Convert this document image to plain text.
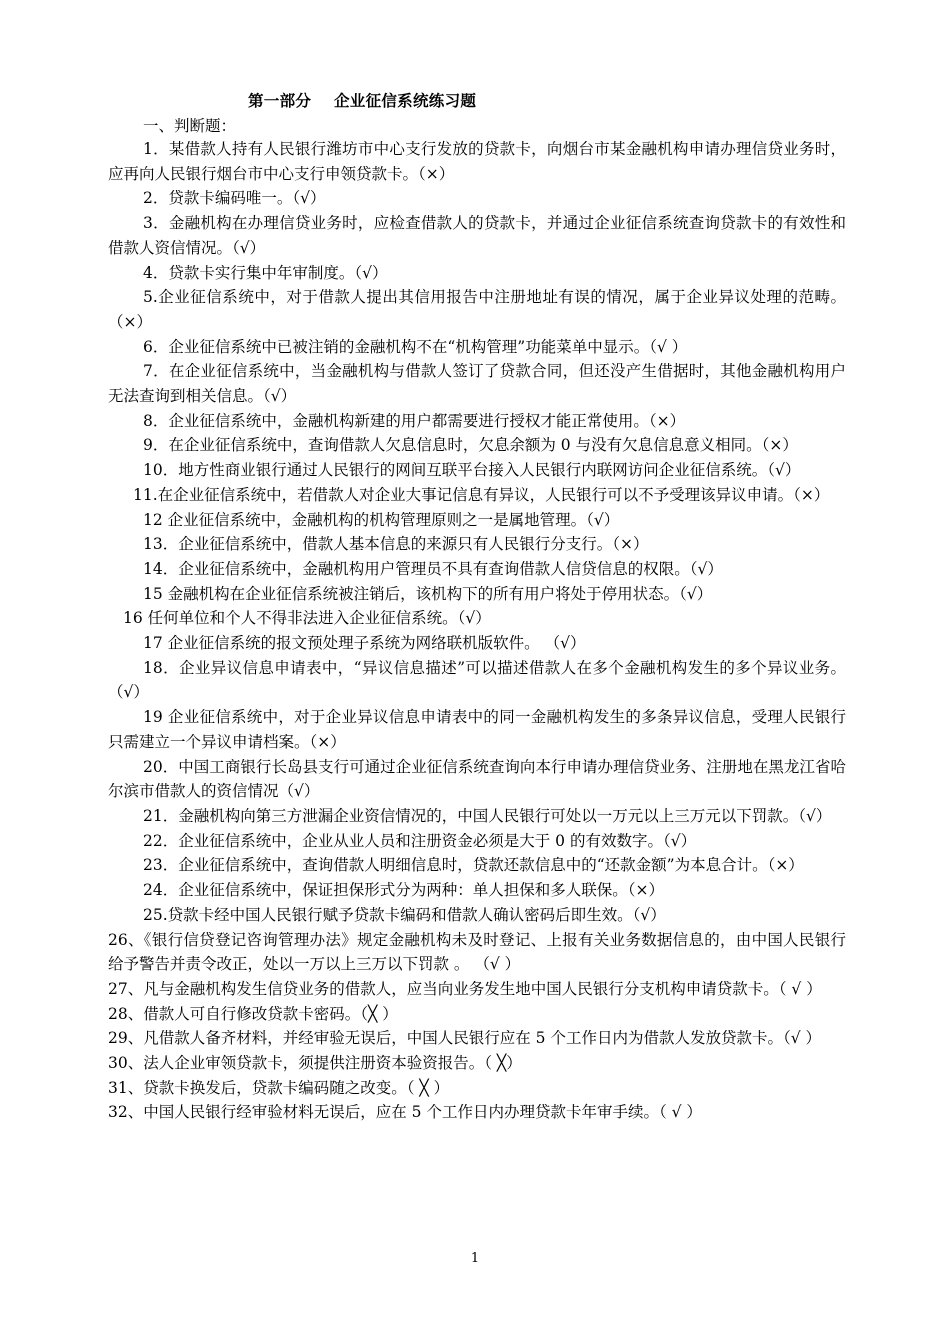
第一部分    企业征信系统练习题
一、判断题：

1．某借款人持有人民银行潍坊市中心支行发放的贷款卡，向烟台市某金融机构申请办理信贷业务时，应再向人民银行烟台市中心支行申领贷款卡。（×）

2．贷款卡编码唯一。（√）

3．金融机构在办理信贷业务时，应检查借款人的贷款卡，并通过企业征信系统查询贷款卡的有效性和借款人资信情况。（√）

4．贷款卡实行集中年审制度。（√）

5.企业征信系统中，对于借款人提出其信用报告中注册地址有误的情况，属于企业异议处理的范畴。（×）

6．企业征信系统中已被注销的金融机构不在“机构管理”功能菜单中显示。（√ ）

7．在企业征信系统中，当金融机构与借款人签订了贷款合同，但还没产生借据时，其他金融机构用户无法查询到相关信息。（√）

8．企业征信系统中，金融机构新建的用户都需要进行授权才能正常使用。（×）

9．在企业征信系统中，查询借款人欠息信息时，欠息余额为 0 与没有欠息信息意义相同。（×）

10．地方性商业银行通过人民银行的网间互联平台接入人民银行内联网访问企业征信系统。（√）

11.在企业征信系统中，若借款人对企业大事记信息有异议，人民银行可以不予受理该异议申请。（×）

12 企业征信系统中，金融机构的机构管理原则之一是属地管理。（√）

13．企业征信系统中，借款人基本信息的来源只有人民银行分支行。（×）

14．企业征信系统中，金融机构用户管理员不具有查询借款人信贷信息的权限。（√）

15 金融机构在企业征信系统被注销后，该机构下的所有用户将处于停用状态。（√）

16 任何单位和个人不得非法进入企业征信系统。（√）

17 企业征信系统的报文预处理子系统为网络联机版软件。 （√）

18．企业异议信息申请表中，“异议信息描述”可以描述借款人在多个金融机构发生的多个异议业务。（√）

19 企业征信系统中，对于企业异议信息申请表中的同一金融机构发生的多条异议信息，受理人民银行只需建立一个异议申请档案。（×）

20．中国工商银行长岛县支行可通过企业征信系统查询向本行申请办理信贷业务、注册地在黑龙江省哈尔滨市借款人的资信情况（√）

21．金融机构向第三方泄漏企业资信情况的，中国人民银行可处以一万元以上三万元以下罚款。（√）

22．企业征信系统中，企业从业人员和注册资金必须是大于 0 的有效数字。（√）

23．企业征信系统中，查询借款人明细信息时，贷款还款信息中的“还款金额”为本息合计。（×）

24．企业征信系统中，保证担保形式分为两种：单人担保和多人联保。（×）

25.贷款卡经中国人民银行赋予贷款卡编码和借款人确认密码后即生效。（√）

26、《银行信贷登记咨询管理办法》规定金融机构未及时登记、上报有关业务数据信息的，由中国人民银行给予警告并责令改正，处以一万以上三万以下罚款 。 （√ ）

27、凡与金融机构发生信贷业务的借款人，应当向业务发生地中国人民银行分支机构申请贷款卡。（ √ ）

28、借款人可自行修改贷款卡密码。（╳ ）

29、凡借款人备齐材料，并经审验无误后，中国人民银行应在 5 个工作日内为借款人发放贷款卡。（√ ）

30、法人企业审领贷款卡，须提供注册资本验资报告。（ ╳）

31、贷款卡换发后，贷款卡编码随之改变。（ ╳ ）

32、中国人民银行经审验材料无误后，应在 5 个工作日内办理贷款卡年审手续。（ √ ）

1
